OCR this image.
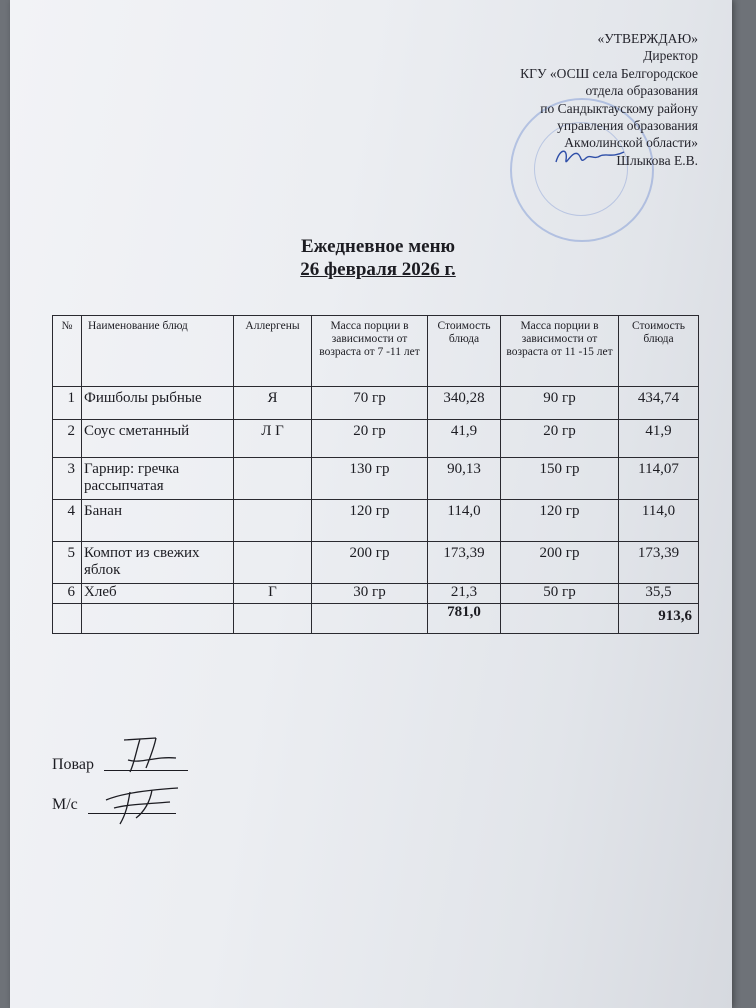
«УТВЕРЖДАЮ»
Директор
КГУ «ОСШ села Белгородское
отдела образования
по Сандыктаускому району
управления образования
Акмолинской области»
Шлыкова Е.В.
Ежедневное меню
26 февраля 2026 г.
№	Наименование блюд	Аллергены	Масса порции в зависимости от возраста от 7 -11 лет	Стоимость блюда	Масса порции в зависимости от возраста от 11 -15 лет	Стоимость блюда
1	Фишболы рыбные	Я	70 гр	340,28	90 гр	434,74
2	Соус сметанный	Л Г	20 гр	41,9	20 гр	41,9
3	Гарнир: гречка рассыпчатая		130 гр	90,13	150 гр	114,07
4	Банан		120 гр	114,0	120 гр	114,0
5	Компот из свежих яблок		200 гр	173,39	200 гр	173,39
6	Хлеб	Г	30 гр	21,3	50 гр	35,5
				781,0		913,6
Повар
М/с
